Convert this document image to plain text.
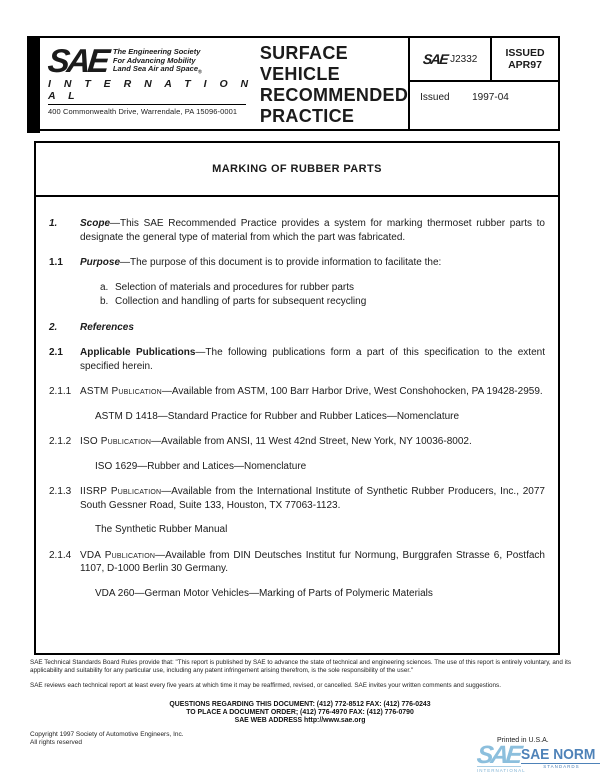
SAE The Engineering Society
For Advancing Mobility
Land Sea Air and Space$_®$
I N T E R N A T I O N A L
400 Commonwealth Drive, Warrendale, PA 15096-0001
SURFACE
VEHICLE
RECOMMENDED
PRACTICE
SAE J2332	ISSUED
APR97
Issued	1997-04
MARKING OF RUBBER PARTS
1.	Scope—This SAE Recommended Practice provides a system for marking thermoset rubber parts to designate the general type of material from which the part was fabricated.
1.1	Purpose—The purpose of this document is to provide information to facilitate the:
a. Selection of materials and procedures for rubber parts
b. Collection and handling of parts for subsequent recycling
2.	References
2.1	Applicable Publications—The following publications form a part of this specification to the extent specified herein.
2.1.1 ASTM Publication—Available from ASTM, 100 Barr Harbor Drive, West Conshohocken, PA 19428-2959.
ASTM D 1418—Standard Practice for Rubber and Rubber Latices—Nomenclature
2.1.2 ISO Publication—Available from ANSI, 11 West 42nd Street, New York, NY 10036-8002.
ISO 1629—Rubber and Latices—Nomenclature
2.1.3 IISRP Publication—Available from the International Institute of Synthetic Rubber Producers, Inc., 2077 South Gessner Road, Suite 133, Houston, TX 77063-1123.
The Synthetic Rubber Manual
2.1.4 VDA Publication—Available from DIN Deutsches Institut fur Normung, Burggrafen Strasse 6, Postfach 1107, D-1000 Berlin 30 Germany.
VDA 260—German Motor Vehicles—Marking of Parts of Polymeric Materials
SAE Technical Standards Board Rules provide that: "This report is published by SAE to advance the state of technical and engineering sciences. The use of this report is entirely voluntary, and its applicability and suitability for any particular use, including any patent infringement arising therefrom, is the sole responsibility of the user."
SAE reviews each technical report at least every five years at which time it may be reaffirmed, revised, or cancelled. SAE invites your written comments and suggestions.
QUESTIONS REGARDING THIS DOCUMENT: (412) 772-8512 FAX: (412) 776-0243
TO PLACE A DOCUMENT ORDER; (412) 776-4970 FAX: (412) 776-0790
SAE WEB ADDRESS http://www.sae.org
Copyright 1997 Society of Automotive Engineers, Inc.
All rights reserved	Printed in U.S.A.
SAE
INTERNATIONAL
SAE NORM
STANDARDS
